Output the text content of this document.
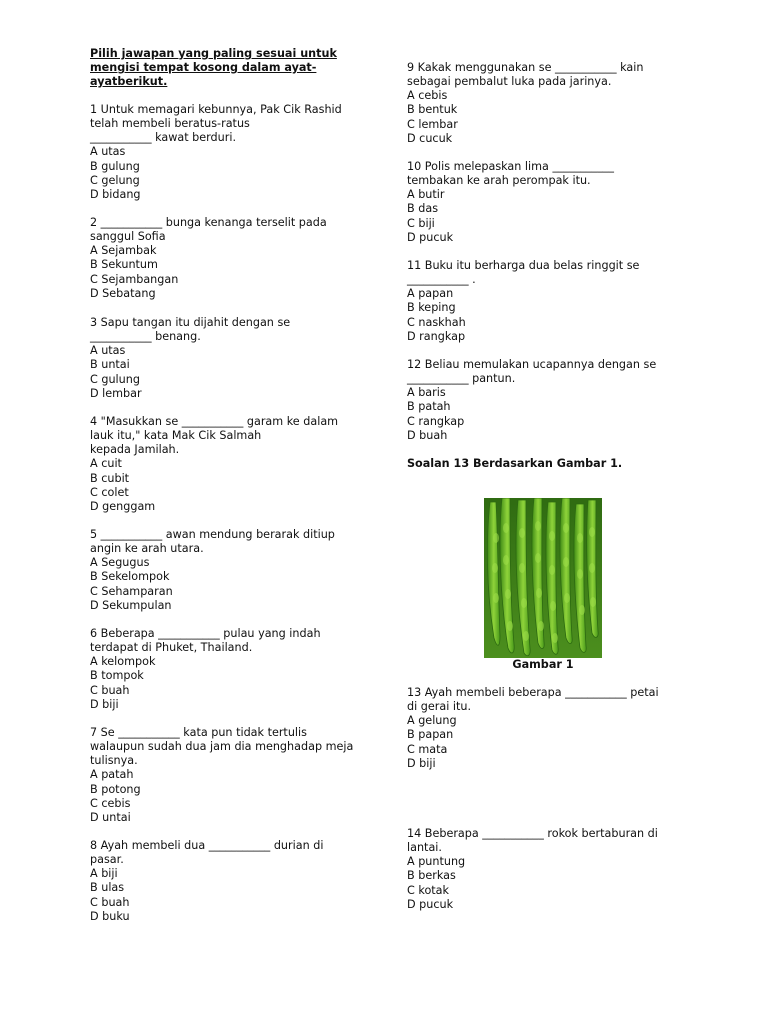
Pilih jawapan yang paling sesuai untuk mengisi tempat kosong dalam ayat-ayatberikut.

1 Untuk memagari kebunnya, Pak Cik Rashid
telah membeli beratus-ratus
___________ kawat berduri.
A utas
B gulung
C gelung
D bidang
2 ___________ bunga kenanga terselit pada
sanggul Sofia
A Sejambak
B Sekuntum
C Sejambangan
D Sebatang
3 Sapu tangan itu dijahit dengan se
___________ benang.
A utas
B untai
C gulung
D lembar
4 "Masukkan se ___________ garam ke dalam
lauk itu," kata Mak Cik Salmah
kepada Jamilah.
A cuit
B cubit
C colet
D genggam
5 ___________ awan mendung berarak ditiup
angin ke arah utara.
A Segugus
B Sekelompok
C Sehamparan
D Sekumpulan
6 Beberapa ___________ pulau yang indah
terdapat di Phuket, Thailand.
A kelompok
B tompok
C buah
D biji
7 Se ___________ kata pun tidak tertulis
walaupun sudah dua jam dia menghadap meja
tulisnya.
A patah
B potong
C cebis
D untai
8 Ayah membeli dua ___________ durian di
pasar.
A biji
B ulas
C buah
D buku
9 Kakak menggunakan se ___________ kain
sebagai pembalut luka pada jarinya.
A cebis
B bentuk
C lembar
D cucuk
10 Polis melepaskan lima ___________
tembakan ke arah perompak itu.
A butir
B das
C biji
D pucuk
11 Buku itu berharga dua belas ringgit se
___________ .
A papan
B keping
C naskhah
D rangkap
12 Beliau memulakan ucapannya dengan se
___________ pantun.
A baris
B patah
C rangkap
D buah
Soalan 13 Berdasarkan Gambar 1.
Gambar 1
13 Ayah membeli beberapa ___________ petai
di gerai itu.
A gelung
B papan
C mata
D biji
14 Beberapa ___________ rokok bertaburan di
lantai.
A puntung
B berkas
C kotak
D pucuk
